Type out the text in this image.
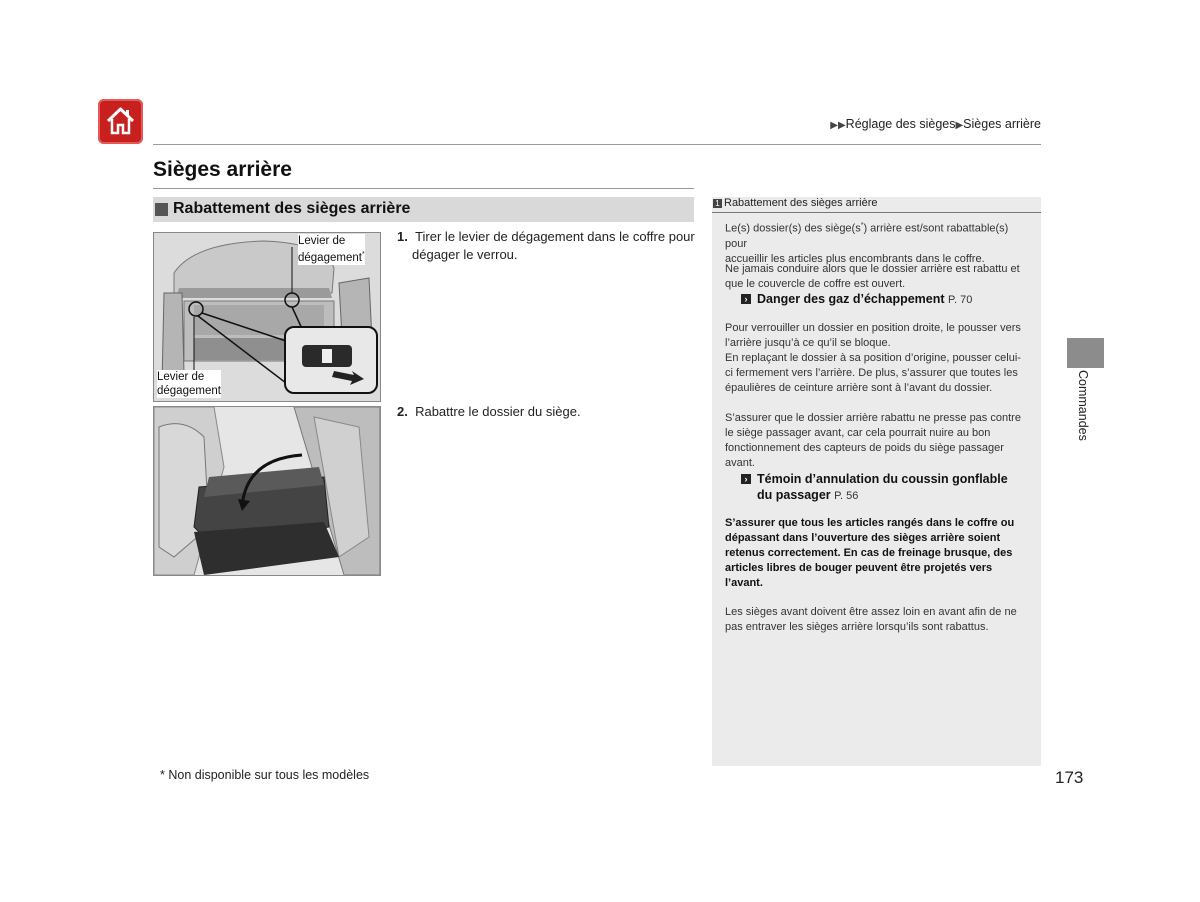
▶▶Réglage des sièges▶Sièges arrière
Sièges arrière
Rabattement des sièges arrière
Levier de
dégagement*
Levier de
dégagement
1. Tirer le levier de dégagement dans le coffre pour
dégager le verrou.
2. Rabattre le dossier du siège.
1 Rabattement des sièges arrière
Le(s) dossier(s) des siège(s*) arrière est/sont rabattable(s) pour
accueillir les articles plus encombrants dans le coffre.
Ne jamais conduire alors que le dossier arrière est rabattu et
que le couvercle de coffre est ouvert.
› Danger des gaz d’échappement P. 70
Pour verrouiller un dossier en position droite, le pousser vers
l’arrière jusqu’à ce qu’il se bloque.
En replaçant le dossier à sa position d’origine, pousser celui-
ci fermement vers l’arrière. De plus, s’assurer que toutes les
épaulières de ceinture arrière sont à l’avant du dossier.
S’assurer que le dossier arrière rabattu ne presse pas contre
le siège passager avant, car cela pourrait nuire au bon
fonctionnement des capteurs de poids du siège passager
avant.
› Témoin d’annulation du coussin gonflable
du passager P. 56
S’assurer que tous les articles rangés dans le coffre ou
dépassant dans l’ouverture des sièges arrière soient
retenus correctement. En cas de freinage brusque, des
articles libres de bouger peuvent être projetés vers
l’avant.
Les sièges avant doivent être assez loin en avant afin de ne
pas entraver les sièges arrière lorsqu’ils sont rabattus.
Commandes
* Non disponible sur tous les modèles	173
